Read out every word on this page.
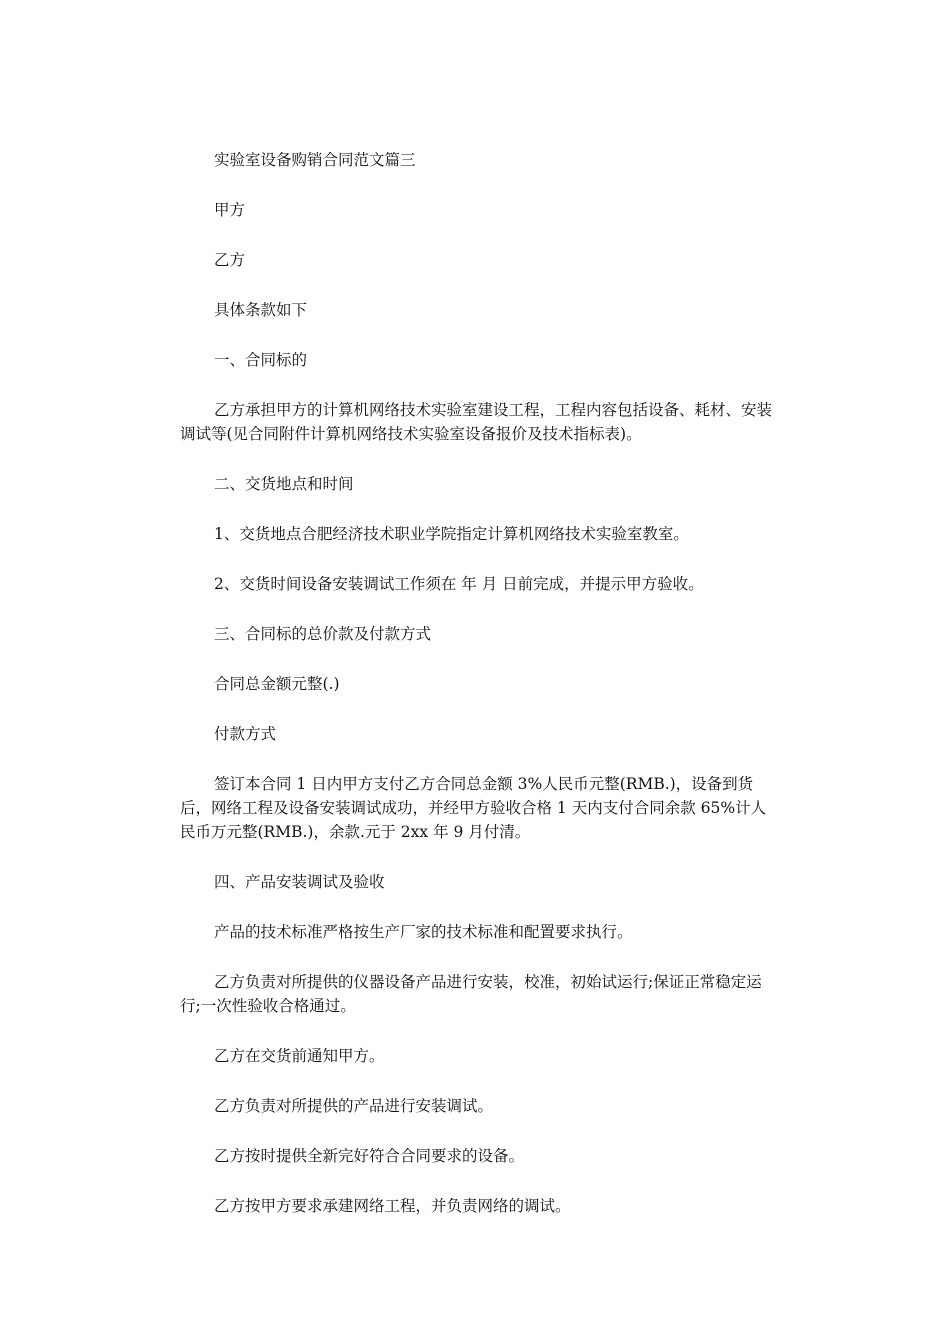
实验室设备购销合同范文篇三

甲方

乙方

具体条款如下

一、合同标的

乙方承担甲方的计算机网络技术实验室建设工程，工程内容包括设备、耗材、安装调试等(见合同附件计算机网络技术实验室设备报价及技术指标表)。

二、交货地点和时间

1、交货地点合肥经济技术职业学院指定计算机网络技术实验室教室。

2、交货时间设备安装调试工作须在 年 月 日前完成，并提示甲方验收。

三、合同标的总价款及付款方式

合同总金额元整(.)

付款方式

签订本合同 1 日内甲方支付乙方合同总金额 3%人民币元整(RMB.)，设备到货后，网络工程及设备安装调试成功，并经甲方验收合格 1 天内支付合同余款 65%计人民币万元整(RMB.)，余款.元于 2xx 年 9 月付清。

四、产品安装调试及验收

产品的技术标准严格按生产厂家的技术标准和配置要求执行。

乙方负责对所提供的仪器设备产品进行安装，校准，初始试运行;保证正常稳定运行;一次性验收合格通过。

乙方在交货前通知甲方。

乙方负责对所提供的产品进行安装调试。

乙方按时提供全新完好符合合同要求的设备。

乙方按甲方要求承建网络工程，并负责网络的调试。
